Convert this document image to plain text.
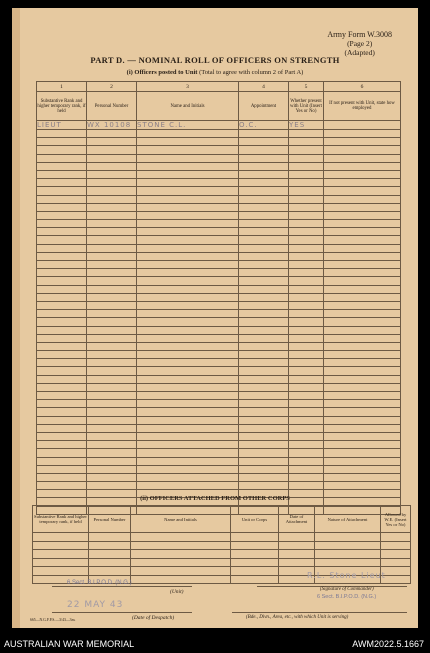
Army Form W.3008
(Page 2)
(Adapted)
PART D. — NOMINAL ROLL OF OFFICERS ON STRENGTH
(i) Officers posted to Unit (Total to agree with column 2 of Part A)
1	2	3	4	5	6
Substantive Rank and higher temporary rank, if held	Personal Number	Name and Initials	Appointment	Whether present with Unit (Insert Yes or No)	If not present with Unit, state how employed
LIEUT	WX 10108	STONE C.L.	O.C.	YES	

(ii) OFFICERS ATTACHED FROM OTHER CORPS
Substantive Rank and higher temporary rank, if held	Personal Number	Name and Initials	Unit or Corps	Date of Attachment	Nature of Attachment	Allowed by W.E. (Insert Yes or No)

6 Sect. B.I.P.O.D. (N.G.)
(Unit)
R.L. Stone Lieut
(Signature of Commander)
6 Sect. B.I.P.O.D. (N.G.)
22 MAY 43
(Date of Despatch)	(Bde., Divn., Area, etc., with which Unit is serving)
665—N.G.F.P.S.—3/43—3m.
AUSTRALIAN WAR MEMORIAL	AWM2022.5.1667
